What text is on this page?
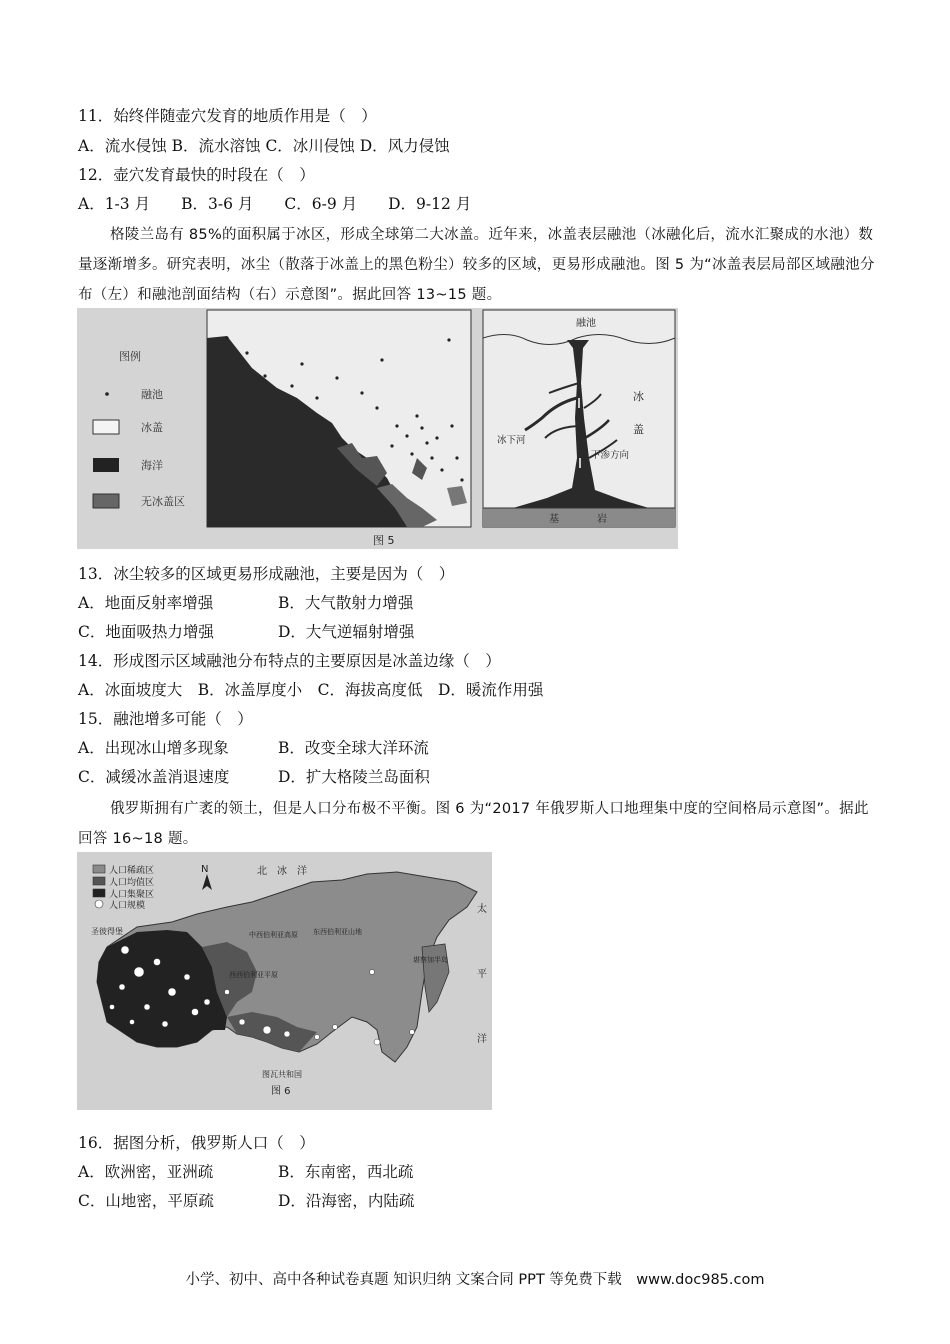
11．始终伴随壶穴发育的地质作用是（　）
A．流水侵蚀 B．流水溶蚀 C．冰川侵蚀 D．风力侵蚀
12．壶穴发育最快的时段在（　）
A．1-3 月　　B．3-6 月　　C．6-9 月　　D．9-12 月
格陵兰岛有 85%的面积属于冰区，形成全球第二大冰盖。近年来，冰盖表层融池（冰融化后，流水汇聚成的水池）数量逐渐增多。研究表明，冰尘（散落于冰盖上的黑色粉尘）较多的区域，更易形成融池。图 5 为“冰盖表层局部区域融池分布（左）和融池剖面结构（右）示意图”。据此回答 13~15 题。
图例
融池
冰盖
海洋
无冰盖区
融池
冰
盖
冰下河
下渗方向
基	岩
图 5
13．冰尘较多的区域更易形成融池，主要是因为（　）
A．地面反射率增强	B．大气散射力增强
C．地面吸热力增强	D．大气逆辐射增强
14．形成图示区域融池分布特点的主要原因是冰盖边缘（　）
A．冰面坡度大　B．冰盖厚度小　C．海拔高度低　D．暖流作用强
15．融池增多可能（　）
A．出现冰山增多现象	B．改变全球大洋环流
C．减缓冰盖消退速度	D．扩大格陵兰岛面积
俄罗斯拥有广袤的领土，但是人口分布极不平衡。图 6 为“2017 年俄罗斯人口地理集中度的空间格局示意图”。据此回答 16~18 题。
人口稀疏区
人口均值区
人口集聚区
人口规模
N	北　冰　洋
太
平
洋
圣彼得堡	东西伯利亚山地
中西伯利亚高原
西西伯利亚平原
堪察加半岛
图瓦共和国
图 6
16．据图分析，俄罗斯人口（　）
A．欧洲密，亚洲疏	B．东南密，西北疏
C．山地密，平原疏	D．沿海密，内陆疏
小学、初中、高中各种试卷真题 知识归纳 文案合同 PPT 等免费下载　www.doc985.com
